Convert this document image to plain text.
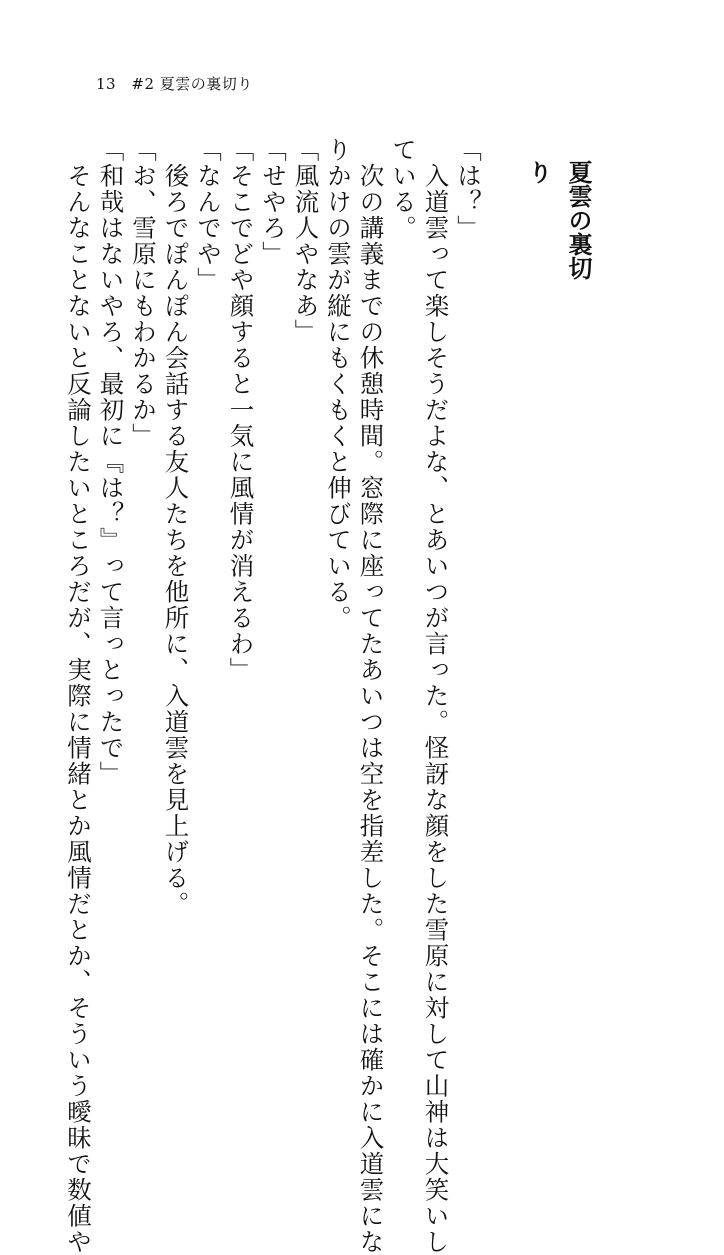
13 #2 夏雲の裏切り
夏雲の裏切り

「は？」

　入道雲って楽しそうだよな、とあいつが言った。怪訝な顔をした雪原に対して山神は大笑いし

ている。

　次の講義までの休憩時間。窓際に座ってたあいつは空を指差した。そこには確かに入道雲にな

りかけの雲が縦にもくもくと伸びている。

「風流人やなあ」

「せやろ」

「そこでどや顔すると一気に風情が消えるわ」

「なんでや」

　後ろでぽんぽん会話する友人たちを他所に、入道雲を見上げる。

「お、雪原にもわかるか」

「和哉はないやろ、最初に『は？』って言っとったで」

　そんなことないと反論したいところだが、実際に情緒とか風情だとか、そういう曖昧で数値や
